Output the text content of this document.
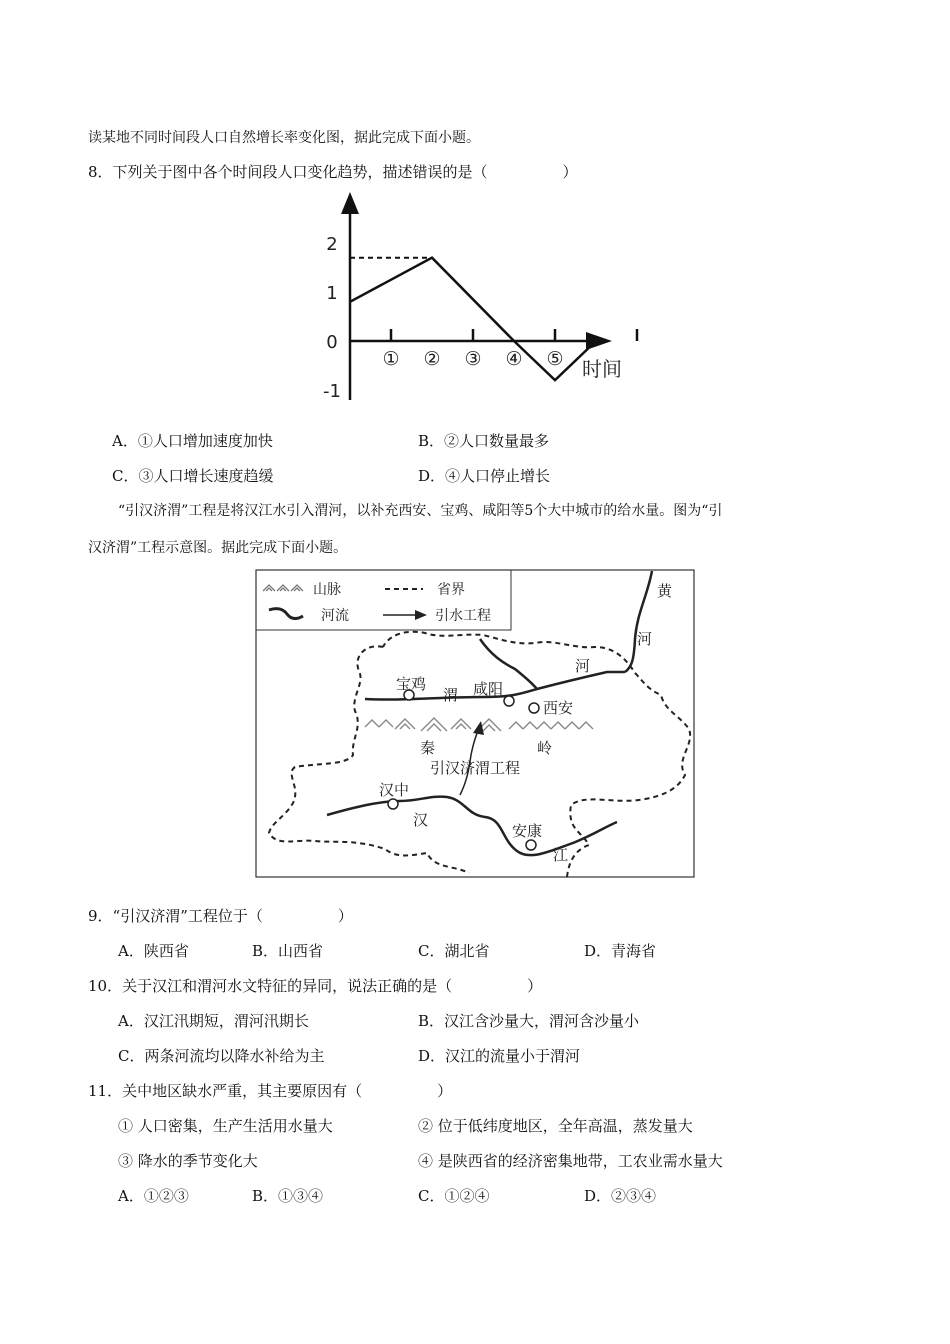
读某地不同时间段人口自然增长率变化图，据此完成下面小题。
8．下列关于图中各个时间段人口变化趋势，描述错误的是（　　　　　）
2
1
0
-1
① ② ③ ④ ⑤ 时间
A．①人口增加速度加快	B．②人口数量最多
C．③人口增长速度趋缓	D．④人口停止增长
“引汉济渭”工程是将汉江水引入渭河，以补充西安、宝鸡、咸阳等5个大中城市的给水量。图为“引
汉济渭”工程示意图。据此完成下面小题。
山脉	省界
河流	引水工程
黄
河
河
宝鸡
渭 咸阳
西安
秦	岭
引汉济渭工程
汉中
汉
安康
江
9．“引汉济渭”工程位于（　　　　　）
A．陕西省	B．山西省	C．湖北省	D．青海省
10．关于汉江和渭河水文特征的异同，说法正确的是（　　　　　）
A．汉江汛期短，渭河汛期长	B．汉江含沙量大，渭河含沙量小
C．两条河流均以降水补给为主	D．汉江的流量小于渭河
11．关中地区缺水严重，其主要原因有（　　　　　）
① 人口密集，生产生活用水量大	② 位于低纬度地区，全年高温，蒸发量大
③ 降水的季节变化大	④ 是陕西省的经济密集地带，工农业需水量大
A．①②③	B．①③④	C．①②④	D．②③④
